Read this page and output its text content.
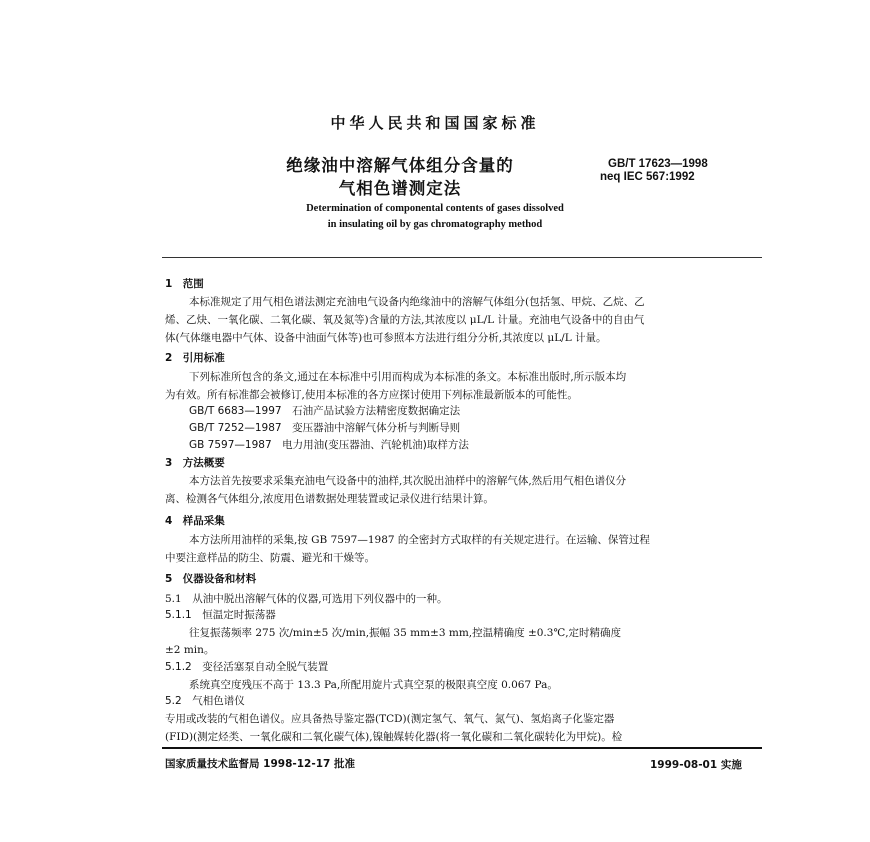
中华人民共和国国家标准
绝缘油中溶解气体组分含量的
气相色谱测定法
GB/T 17623—1998
neq IEC 567:1992
Determination of componental contents of gases dissolved
in insulating oil by gas chromatography method
1　范围
本标准规定了用气相色谱法测定充油电气设备内绝缘油中的溶解气体组分(包括氢、甲烷、乙烷、乙
烯、乙炔、一氧化碳、二氧化碳、氧及氮等)含量的方法,其浓度以 μL/L 计量。充油电气设备中的自由气
体(气体继电器中气体、设备中油面气体等)也可参照本方法进行组分分析,其浓度以 μL/L 计量。
2　引用标准
下列标准所包含的条文,通过在本标准中引用而构成为本标准的条文。本标准出版时,所示版本均
为有效。所有标准都会被修订,使用本标准的各方应探讨使用下列标准最新版本的可能性。
GB/T 6683—1997　石油产品试验方法精密度数据确定法
GB/T 7252—1987　变压器油中溶解气体分析与判断导则
GB 7597—1987　电力用油(变压器油、汽轮机油)取样方法
3　方法概要
本方法首先按要求采集充油电气设备中的油样,其次脱出油样中的溶解气体,然后用气相色谱仪分
离、检测各气体组分,浓度用色谱数据处理装置或记录仪进行结果计算。
4　样品采集
本方法所用油样的采集,按 GB 7597—1987 的全密封方式取样的有关规定进行。在运输、保管过程
中要注意样品的防尘、防震、避光和干燥等。
5　仪器设备和材料
5.1　从油中脱出溶解气体的仪器,可选用下列仪器中的一种。
5.1.1　恒温定时振荡器
往复振荡频率 275 次/min±5 次/min,振幅 35 mm±3 mm,控温精确度 ±0.3℃,定时精确度
±2 min。
5.1.2　变径活塞泵自动全脱气装置
系统真空度残压不高于 13.3 Pa,所配用旋片式真空泵的极限真空度 0.067 Pa。
5.2　气相色谱仪
专用或改装的气相色谱仪。应具备热导鉴定器(TCD)(测定氢气、氧气、氮气)、氢焰离子化鉴定器
(FID)(测定烃类、一氧化碳和二氧化碳气体),镍触媒转化器(将一氧化碳和二氧化碳转化为甲烷)。检
国家质量技术监督局 1998-12-17 批准	1999-08-01 实施
